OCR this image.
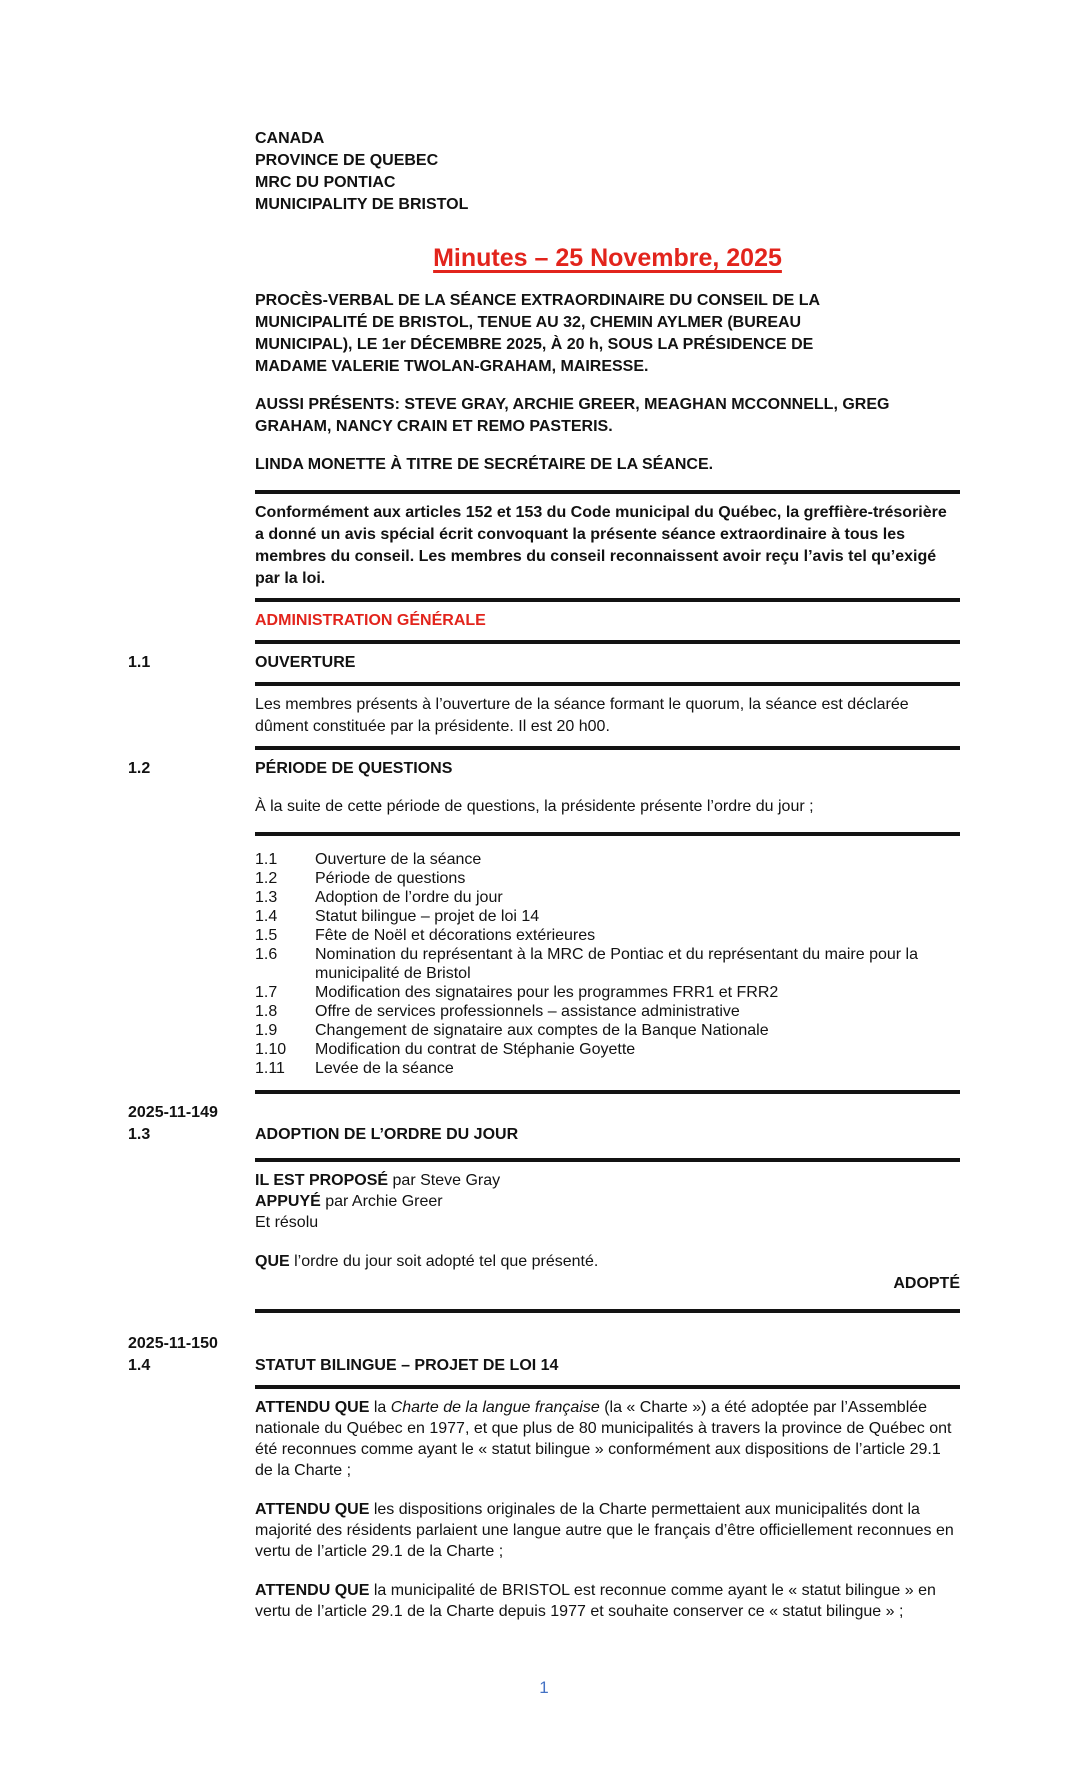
CANADA
PROVINCE DE QUEBEC
MRC DU PONTIAC
MUNICIPALITY DE BRISTOL
Minutes – 25 Novembre, 2025

PROCÈS-VERBAL DE LA SÉANCE EXTRAORDINAIRE DU CONSEIL DE LA MUNICIPALITÉ DE BRISTOL, TENUE AU 32, CHEMIN AYLMER (BUREAU MUNICIPAL), LE 1er DÉCEMBRE 2025, À 20 h, SOUS LA PRÉSIDENCE DE MADAME VALERIE TWOLAN-GRAHAM, MAIRESSE.

AUSSI PRÉSENTS: STEVE GRAY, ARCHIE GREER, MEAGHAN MCCONNELL, GREG GRAHAM, NANCY CRAIN ET REMO PASTERIS.

LINDA MONETTE À TITRE DE SECRÉTAIRE DE LA SÉANCE.

Conformément aux articles 152 et 153 du Code municipal du Québec, la greffière-trésorière a donné un avis spécial écrit convoquant la présente séance extraordinaire à tous les membres du conseil. Les membres du conseil reconnaissent avoir reçu l’avis tel qu’exigé par la loi.

ADMINISTRATION GÉNÉRALE
1.1	OUVERTURE

Les membres présents à l’ouverture de la séance formant le quorum, la séance est déclarée dûment constituée par la présidente. Il est 20 h00.

1.2	PÉRIODE DE QUESTIONS

À la suite de cette période de questions, la présidente présente l’ordre du jour ;

1.1	Ouverture de la séance
1.2	Période de questions
1.3	Adoption de l’ordre du jour
1.4	Statut bilingue – projet de loi 14
1.5	Fête de Noël et décorations extérieures
1.6	Nomination du représentant à la MRC de Pontiac et du représentant du maire pour la municipalité de Bristol
1.7	Modification des signataires pour les programmes FRR1 et FRR2
1.8	Offre de services professionnels – assistance administrative
1.9	Changement de signataire aux comptes de la Banque Nationale
1.10	Modification du contrat de Stéphanie Goyette
1.11	Levée de la séance
2025-11-149
1.3	ADOPTION DE L’ORDRE DU JOUR
IL EST PROPOSÉ par Steve Gray
APPUYÉ par Archie Greer
Et résolu
QUE l’ordre du jour soit adopté tel que présenté.
ADOPTÉ
2025-11-150
1.4	STATUT BILINGUE – PROJET DE LOI 14

ATTENDU QUE la Charte de la langue française (la « Charte ») a été adoptée par l’Assemblée nationale du Québec en 1977, et que plus de 80 municipalités à travers la province de Québec ont été reconnues comme ayant le « statut bilingue » conformément aux dispositions de l’article 29.1 de la Charte ;

ATTENDU QUE les dispositions originales de la Charte permettaient aux municipalités dont la majorité des résidents parlaient une langue autre que le français d’être officiellement reconnues en vertu de l’article 29.1 de la Charte ;

ATTENDU QUE la municipalité de BRISTOL est reconnue comme ayant le « statut bilingue » en vertu de l’article 29.1 de la Charte depuis 1977 et souhaite conserver ce « statut bilingue » ;

1
